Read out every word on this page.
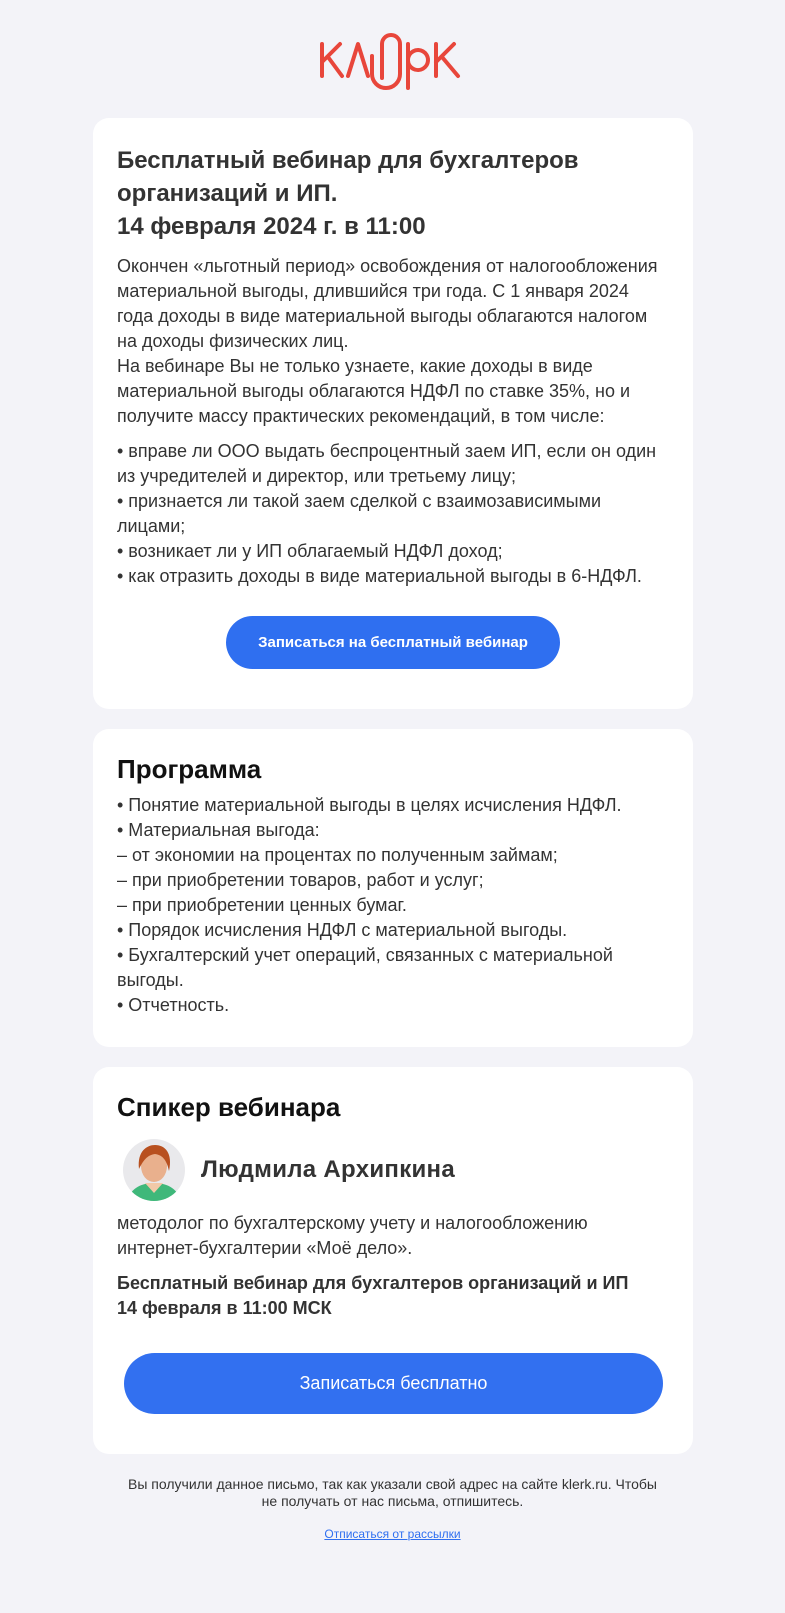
Бесплатный вебинар для бухгалтеров
организаций и ИП.
14 февраля 2024 г. в 11:00
Окончен «льготный период» освобождения от налогообложения
материальной выгоды, длившийся три года. С 1 января 2024
года доходы в виде материальной выгоды облагаются налогом
на доходы физических лиц.
На вебинаре Вы не только узнаете, какие доходы в виде
материальной выгоды облагаются НДФЛ по ставке 35%, но и
получите массу практических рекомендаций, в том числе:
• вправе ли ООО выдать беспроцентный заем ИП, если он один
из учредителей и директор, или третьему лицу;
• признается ли такой заем сделкой с взаимозависимыми
лицами;
• возникает ли у ИП облагаемый НДФЛ доход;
• как отразить доходы в виде материальной выгоды в 6-НДФЛ.
Записаться на бесплатный вебинар
Программа
• Понятие материальной выгоды в целях исчисления НДФЛ.
• Материальная выгода:
– от экономии на процентах по полученным займам;
– при приобретении товаров, работ и услуг;
– при приобретении ценных бумаг.
• Порядок исчисления НДФЛ с материальной выгоды.
• Бухгалтерский учет операций, связанных с материальной
выгоды.
• Отчетность.
Спикер вебинара
Людмила Архипкина
методолог по бухгалтерскому учету и налогообложению
интернет-бухгалтерии «Моё дело».
Бесплатный вебинар для бухгалтеров организаций и ИП
14 февраля в 11:00 МСК
Записаться бесплатно
Вы получили данное письмо, так как указали свой адрес на сайте klerk.ru. Чтобы
не получать от нас письма, отпишитесь.
Отписаться от рассылки
